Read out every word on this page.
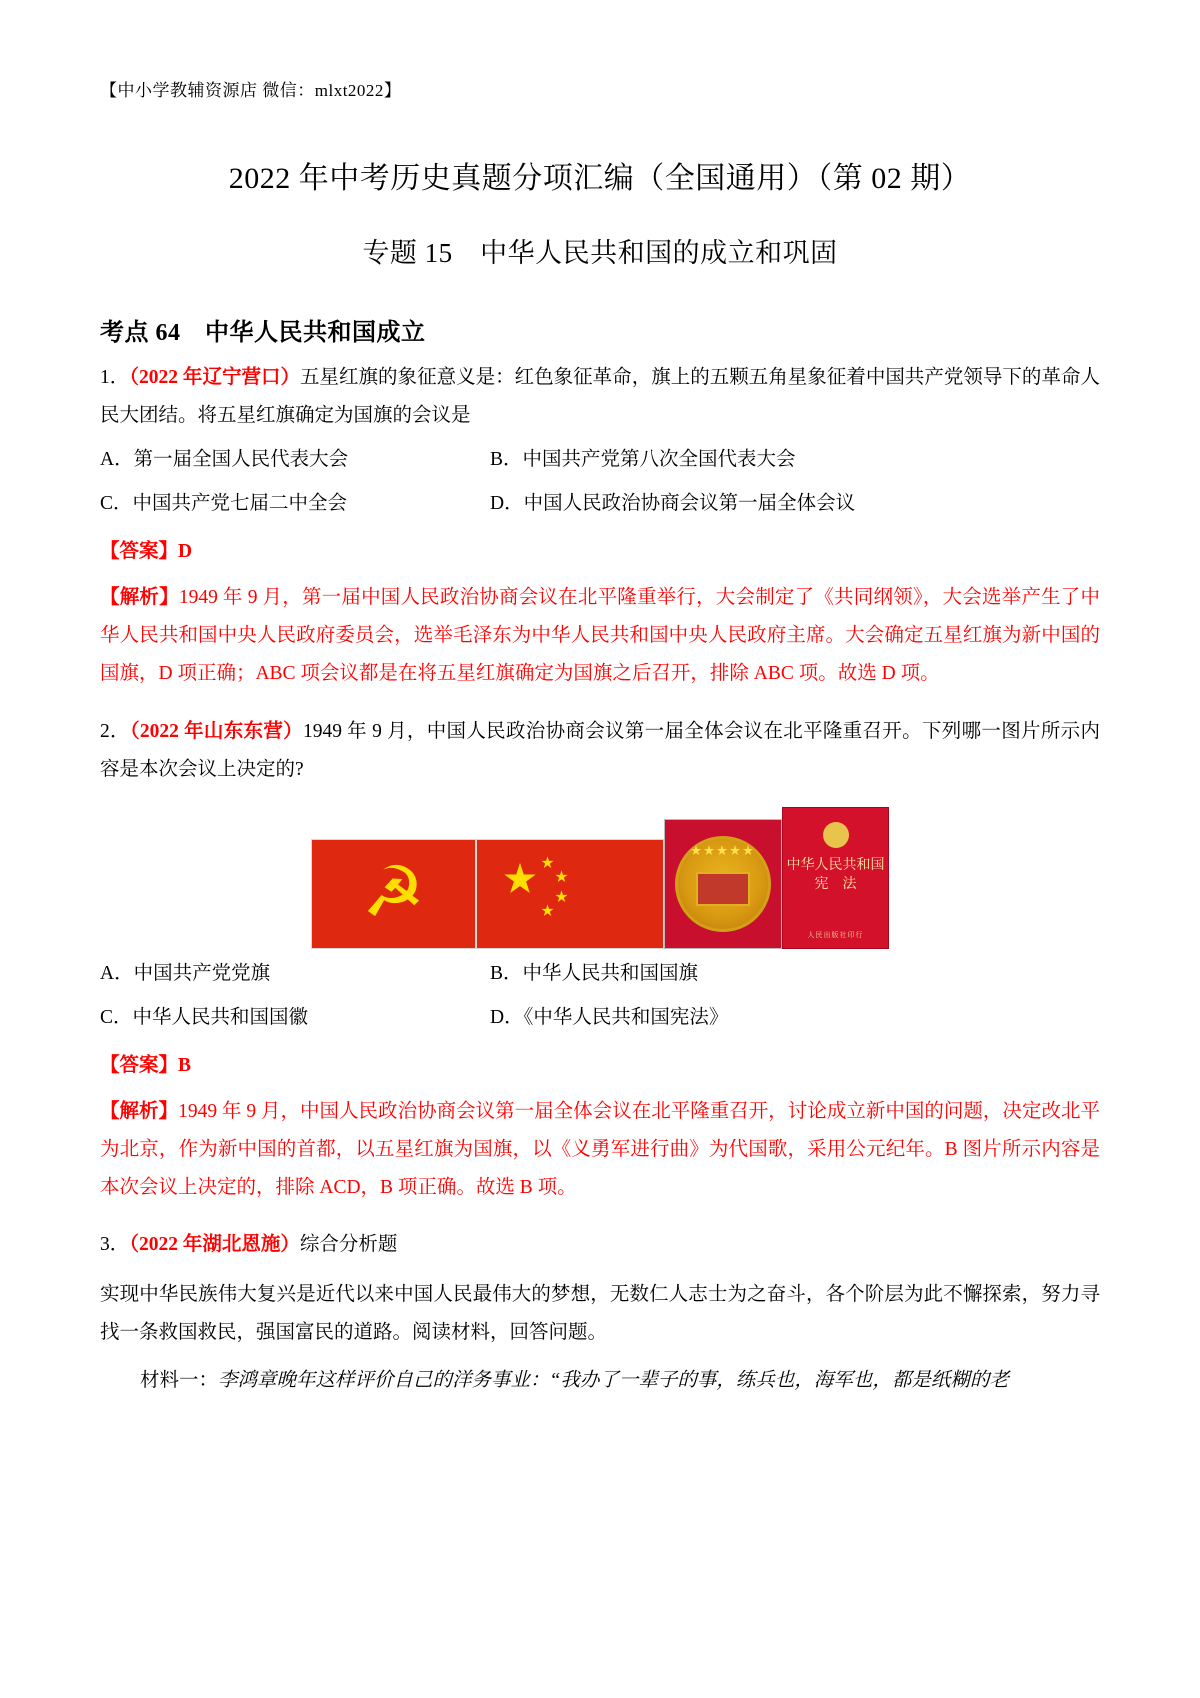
【中小学教辅资源店 微信：mlxt2022】
2022 年中考历史真题分项汇编（全国通用）（第 02 期）
专题 15　中华人民共和国的成立和巩固
考点 64　中华人民共和国成立

1．（2022 年辽宁营口）五星红旗的象征意义是：红色象征革命，旗上的五颗五角星象征着中国共产党领导下的革命人民大团结。将五星红旗确定为国旗的会议是

A．第一届全国人民代表大会	B．中国共产党第八次全国代表大会
C．中国共产党七届二中全会	D．中国人民政治协商会议第一届全体会议
【答案】D

【解析】1949 年 9 月，第一届中国人民政治协商会议在北平隆重举行，大会制定了《共同纲领》，大会选举产生了中华人民共和国中央人民政府委员会，选举毛泽东为中华人民共和国中央人民政府主席。大会确定五星红旗为新中国的国旗，D 项正确；ABC 项会议都是在将五星红旗确定为国旗之后召开，排除 ABC 项。故选 D 项。

2．（2022 年山东东营）1949 年 9 月，中国人民政治协商会议第一届全体会议在北平隆重召开。下列哪一图片所示内容是本次会议上决定的?

☭ ★ ★
★
★
★
★★★★★
中华人民共和国
宪　法
人民出版社印行
A．中国共产党党旗	B．中华人民共和国国旗
C．中华人民共和国国徽	D．《中华人民共和国宪法》
【答案】B

【解析】1949 年 9 月，中国人民政治协商会议第一届全体会议在北平隆重召开，讨论成立新中国的问题，决定改北平为北京，作为新中国的首都，以五星红旗为国旗，以《义勇军进行曲》为代国歌，采用公元纪年。B 图片所示内容是本次会议上决定的，排除 ACD，B 项正确。故选 B 项。

3．（2022 年湖北恩施）综合分析题

实现中华民族伟大复兴是近代以来中国人民最伟大的梦想，无数仁人志士为之奋斗，各个阶层为此不懈探索，努力寻找一条救国救民，强国富民的道路。阅读材料，回答问题。

材料一：李鸿章晚年这样评价自己的洋务事业：“我办了一辈子的事，练兵也，海军也，都是纸糊的老
